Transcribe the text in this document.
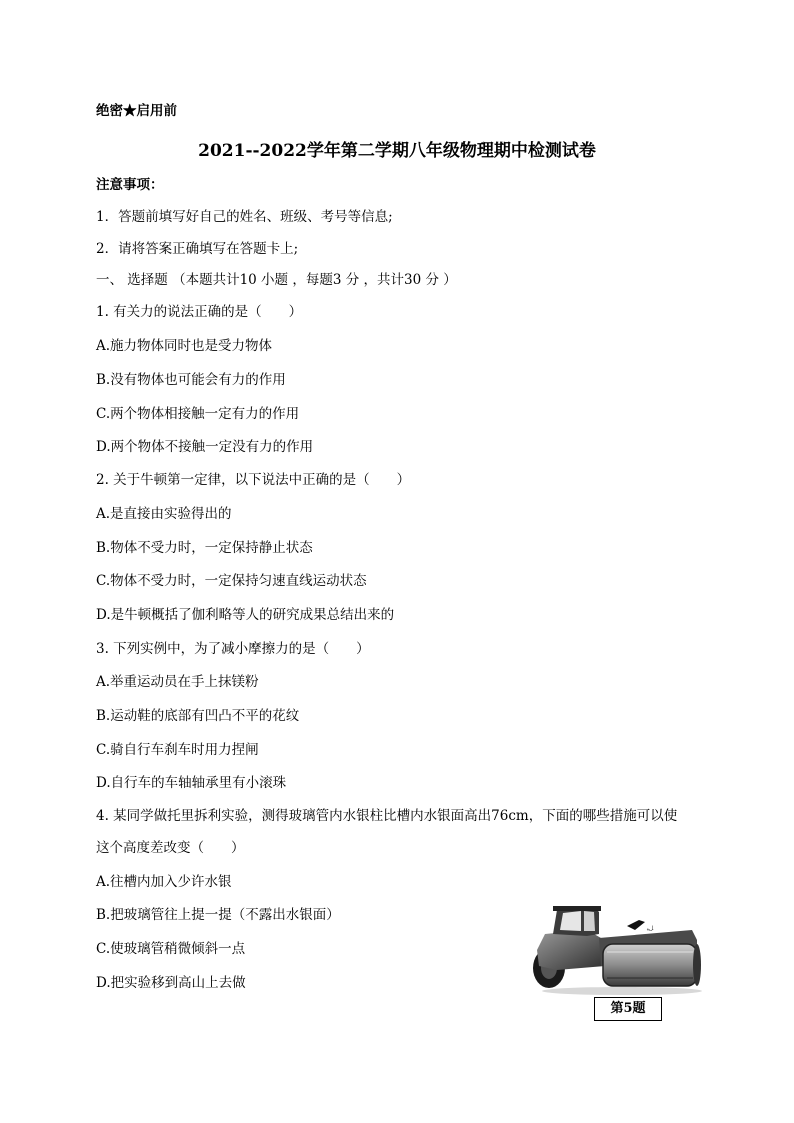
绝密★启用前
2021--2022学年第二学期八年级物理期中检测试卷
注意事项：
1．答题前填写好自己的姓名、班级、考号等信息;
2．请将答案正确填写在答题卡上;
一、 选择题 （本题共计10 小题 ，每题3 分 ，共计30 分 ）
1. 有关力的说法正确的是（　　）
A.施力物体同时也是受力物体
B.没有物体也可能会有力的作用
C.两个物体相接触一定有力的作用
D.两个物体不接触一定没有力的作用
2. 关于牛顿第一定律，以下说法中正确的是（　　）
A.是直接由实验得出的
B.物体不受力时，一定保持静止状态
C.物体不受力时，一定保持匀速直线运动状态
D.是牛顿概括了伽利略等人的研究成果总结出来的
3. 下列实例中，为了减小摩擦力的是（　　）
A.举重运动员在手上抹镁粉
B.运动鞋的底部有凹凸不平的花纹
C.骑自行车刹车时用力捏闸
D.自行车的车轴轴承里有小滚珠
4. 某同学做托里拆利实验，测得玻璃管内水银柱比槽内水银面高出76cm，下面的哪些措施可以使
这个高度差改变（　　）
A.往槽内加入少许水银
B.把玻璃管往上提一提（不露出水银面）
C.使玻璃管稍微倾斜一点
D.把实验移到高山上去做
ﻞﻴ
第5题
